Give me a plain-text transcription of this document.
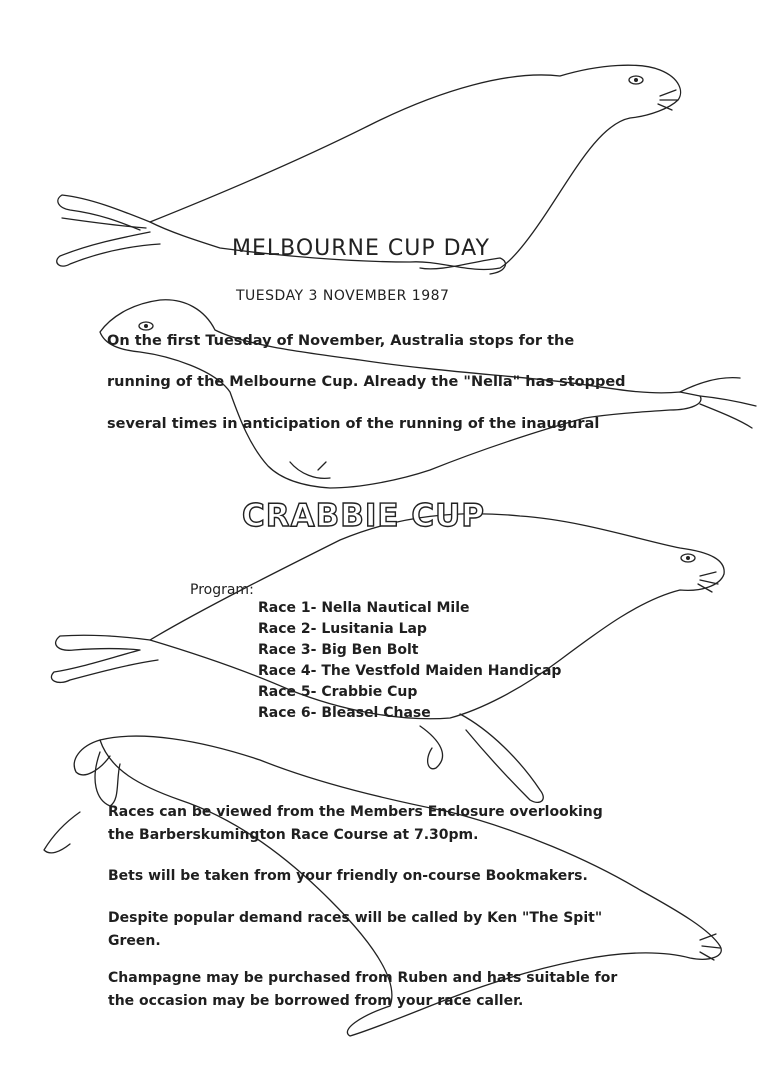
MELBOURNE CUP DAY
TUESDAY 3 NOVEMBER 1987
On the first Tuesday of November, Australia stops for the
running of the Melbourne Cup. Already the "Nella" has stopped
several times in anticipation of the running of the inaugural
CRABBIE CUP
Program:
Race 1- Nella Nautical Mile
Race 2- Lusitania Lap
Race 3- Big Ben Bolt
Race 4- The Vestfold Maiden Handicap
Race 5- Crabbie Cup
Race 6- Bleasel Chase
Races can be viewed from the Members Enclosure overlooking
the Barberskumington Race Course at 7.30pm.
Bets will be taken from your friendly on-course Bookmakers.
Despite popular demand races will be called by Ken "The Spit"
Green.
Champagne may be purchased from Ruben and hats suitable for
the occasion may be borrowed from your race caller.
